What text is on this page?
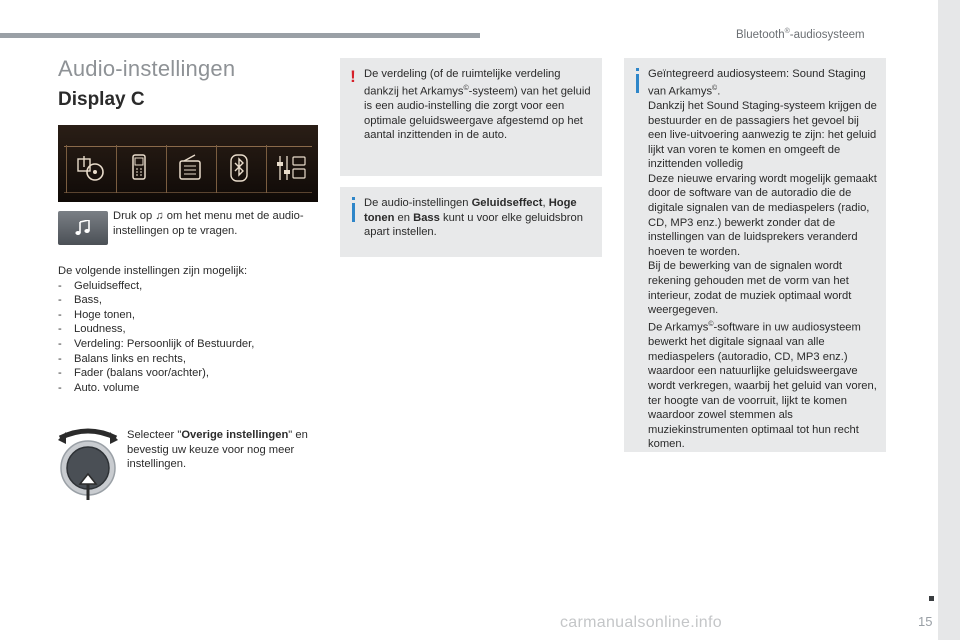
Bluetooth®-audiosysteem
Audio-instellingen
Display C

Druk op ♫ om het menu met de audio-instellingen op te vragen.

De volgende instellingen zijn mogelijk:
- Geluidseffect,
- Bass,
- Hoge tonen,
- Loudness,
- Verdeling: Persoonlijk of Bestuurder,
- Balans links en rechts,
- Fader (balans voor/achter),
- Auto. volume

Selecteer "Overige instellingen" en bevestig uw keuze voor nog meer instellingen.

! De verdeling (of de ruimtelijke verdeling dankzij het Arkamys©-systeem) van het geluid is een audio-instelling die zorgt voor een optimale geluidsweergave afgestemd op het aantal inzittenden in de auto.

De audio-instellingen Geluidseffect, Hoge tonen en Bass kunt u voor elke geluidsbron apart instellen.

Geïntegreerd audiosysteem: Sound Staging van Arkamys©.

Dankzij het Sound Staging-systeem krijgen de bestuurder en de passagiers het gevoel bij een live-uitvoering aanwezig te zijn: het geluid lijkt van voren te komen en omgeeft de inzittenden volledig

Deze nieuwe ervaring wordt mogelijk gemaakt door de software van de autoradio die de digitale signalen van de mediaspelers (radio, CD, MP3 enz.) bewerkt zonder dat de instellingen van de luidsprekers veranderd hoeven te worden.

Bij de bewerking van de signalen wordt rekening gehouden met de vorm van het interieur, zodat de muziek optimaal wordt weergegeven.

De Arkamys©-software in uw audiosysteem bewerkt het digitale signaal van alle mediaspelers (autoradio, CD, MP3 enz.) waardoor een natuurlijke geluidsweergave wordt verkregen, waarbij het geluid van voren, ter hoogte van de voorruit, lijkt te komen waardoor zowel stemmen als muziekinstrumenten optimaal tot hun recht komen.

carmanualsonline.info	15
